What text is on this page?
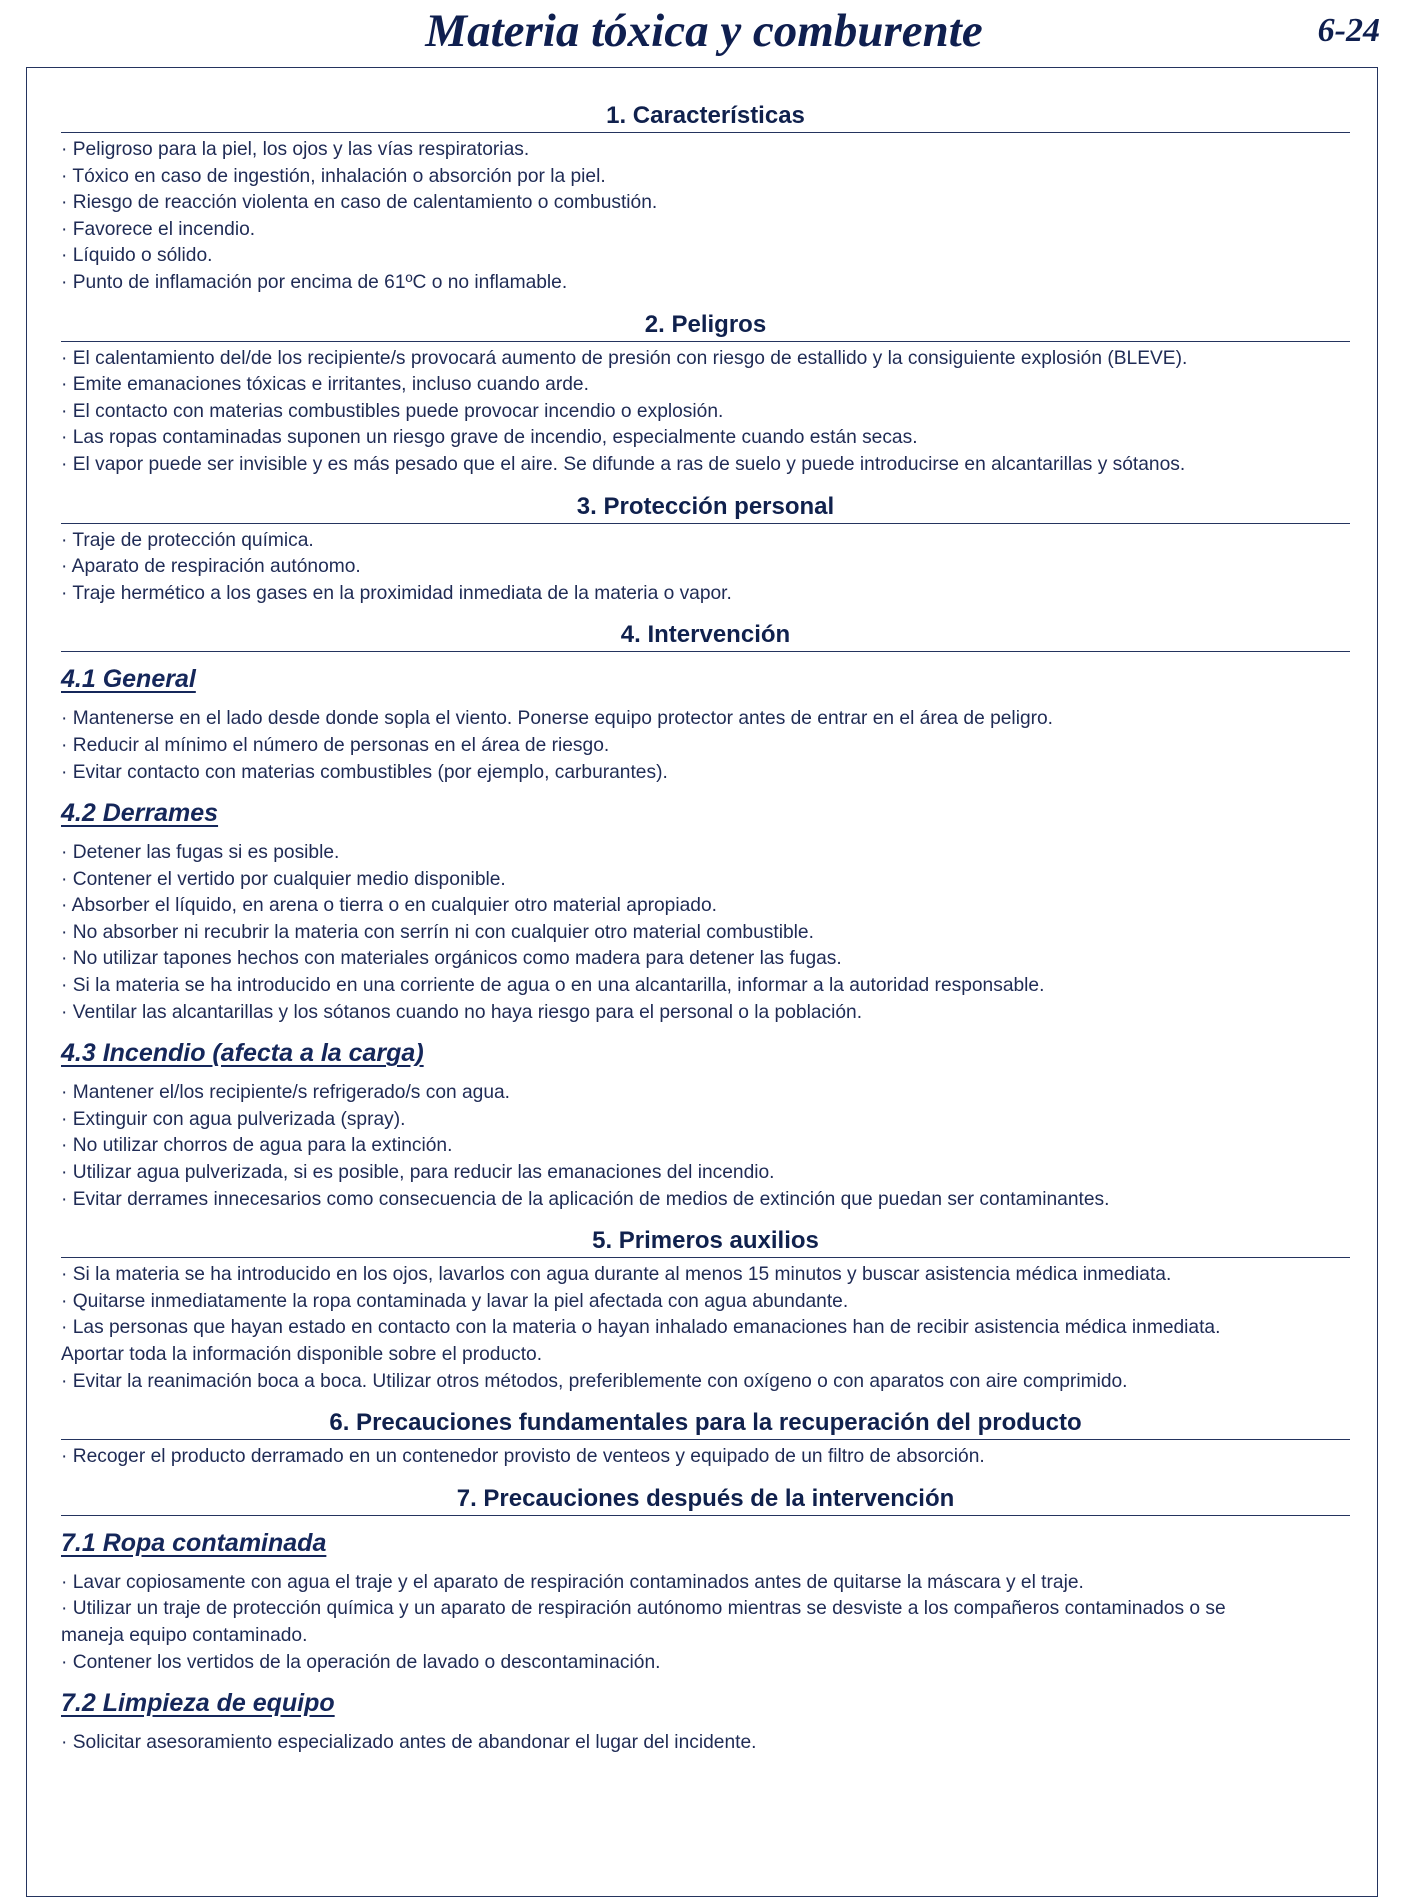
Materia tóxica y comburente	6-24
1. Características
· Peligroso para la piel, los ojos y las vías respiratorias.
· Tóxico en caso de ingestión, inhalación o absorción por la piel.
· Riesgo de reacción violenta en caso de calentamiento o combustión.
· Favorece el incendio.
· Líquido o sólido.
· Punto de inflamación por encima de 61ºC o no inflamable.
2. Peligros
· El calentamiento del/de los recipiente/s provocará aumento de presión con riesgo de estallido y la consiguiente explosión (BLEVE).
· Emite emanaciones tóxicas e irritantes, incluso cuando arde.
· El contacto con materias combustibles puede provocar incendio o explosión.
· Las ropas contaminadas suponen un riesgo grave de incendio, especialmente cuando están secas.
· El vapor puede ser invisible y es más pesado que el aire. Se difunde a ras de suelo y puede introducirse en alcantarillas y sótanos.
3. Protección personal
· Traje de protección química.
· Aparato de respiración autónomo.
· Traje hermético a los gases en la proximidad inmediata de la materia o vapor.
4. Intervención
4.1 General
· Mantenerse en el lado desde donde sopla el viento. Ponerse equipo protector antes de entrar en el área de peligro.
· Reducir al mínimo el número de personas en el área de riesgo.
· Evitar contacto con materias combustibles (por ejemplo, carburantes).
4.2 Derrames
· Detener las fugas si es posible.
· Contener el vertido por cualquier medio disponible.
· Absorber el líquido, en arena o tierra o en cualquier otro material apropiado.
· No absorber ni recubrir la materia con serrín ni con cualquier otro material combustible.
· No utilizar tapones hechos con materiales orgánicos como madera para detener las fugas.
· Si la materia se ha introducido en una corriente de agua o en una alcantarilla, informar a la autoridad responsable.
· Ventilar las alcantarillas y los sótanos cuando no haya riesgo para el personal o la población.
4.3 Incendio (afecta a la carga)
· Mantener el/los recipiente/s refrigerado/s con agua.
· Extinguir con agua pulverizada (spray).
· No utilizar chorros de agua para la extinción.
· Utilizar agua pulverizada, si es posible, para reducir las emanaciones del incendio.
· Evitar derrames innecesarios como consecuencia de la aplicación de medios de extinción que puedan ser contaminantes.
5. Primeros auxilios
· Si la materia se ha introducido en los ojos, lavarlos con agua durante al menos 15 minutos y buscar asistencia médica inmediata.
· Quitarse inmediatamente la ropa contaminada y lavar la piel afectada con agua abundante.
· Las personas que hayan estado en contacto con la materia o hayan inhalado emanaciones han de recibir asistencia médica inmediata.
Aportar toda la información disponible sobre el producto.
· Evitar la reanimación boca a boca. Utilizar otros métodos, preferiblemente con oxígeno o con aparatos con aire comprimido.
6. Precauciones fundamentales para la recuperación del producto
· Recoger el producto derramado en un contenedor provisto de venteos y equipado de un filtro de absorción.
7. Precauciones después de la intervención
7.1 Ropa contaminada
· Lavar copiosamente con agua el traje y el aparato de respiración contaminados antes de quitarse la máscara y el traje.
· Utilizar un traje de protección química y un aparato de respiración autónomo mientras se desviste a los compañeros contaminados o se
maneja equipo contaminado.
· Contener los vertidos de la operación de lavado o descontaminación.
7.2 Limpieza de equipo
· Solicitar asesoramiento especializado antes de abandonar el lugar del incidente.
